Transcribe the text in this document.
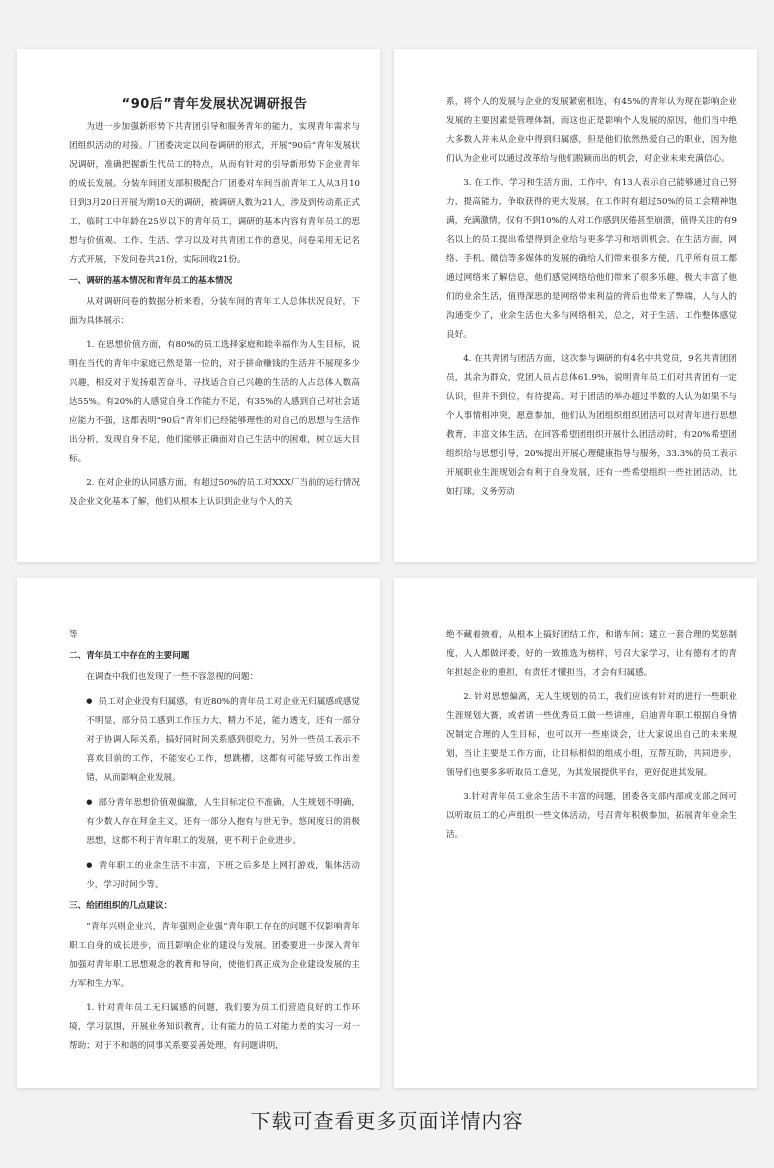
“90后”青年发展状况调研报告

为进一步加强新形势下共青团引导和服务青年的能力，实现青年需求与团组织活动的对接。厂团委决定以问卷调研的形式，开展“90后”青年发展状况调研，准确把握新生代员工的特点，从而有针对的引导新形势下企业青年的成长发展。分装车间团支部积极配合厂团委对车间当前青年工人从3月10日到3月20日开展为期10天的调研，被调研人数为21人，涉及到传动系正式工、临时工中年龄在25岁以下的青年员工，调研的基本内容有青年员工的思想与价值观、工作、生活、学习以及对共青团工作的意见，问卷采用无记名方式开展，下发问卷共21份，实际回收21份。

一、调研的基本情况和青年员工的基本情况

从对调研问卷的数据分析来看，分装车间的青年工人总体状况良好，下面为具体展示：

1. 在思想价值方面，有80%的员工选择家庭和睦幸福作为人生目标，说明在当代的青年中家庭已然是第一位的，对于拼命赚钱的生活并不展现多少兴趣，相反对于发扬艰苦奋斗，寻找适合自己兴趣的生活的人占总体人数高达55%。有20%的人感觉自身工作能力不足，有35%的人感到自己对社会适应能力不强，这都表明“90后”青年们已经能够理性的对自己的思想与生活作出分析，发现自身不足，他们能够正确面对自己生活中的困难，树立远大目标。

2. 在对企业的认同感方面，有超过50%的员工对XXX厂当前的运行情况及企业文化基本了解，他们从根本上认识到企业与个人的关

系，将个人的发展与企业的发展紧密相连，有45%的青年认为现在影响企业发展的主要因素是管理体制，而这也正是影响个人发展的原因，他们当中绝大多数人并未从企业中得到归属感，但是他们依然热爱自己的职业，因为他们认为企业可以通过改革给与他们脱颖而出的机会，对企业未来充满信心。

3. 在工作、学习和生活方面，工作中，有13人表示自己能够通过自己努力，提高能力，争取获得的更大发展，在工作时有超过50%的员工会精神饱满，充满激情，仅有不到10%的人对工作感到厌倦甚至崩溃，值得关注的有9名以上的员工提出希望得到企业给与更多学习和培训机会。在生活方面，网络、手机、微信等多媒体的发展的确给人们带来很多方便，几乎所有员工都通过网络来了解信息，他们感觉网络给他们带来了很多乐趣，极大丰富了他们的业余生活，值得深思的是网络带来利益的背后也带来了弊端，人与人的沟通变少了，业余生活也大多与网络相关，总之，对于生活、工作整体感觉良好。

4. 在共青团与团活方面，这次参与调研的有4名中共党员，9名共青团团员，其余为群众，党团人员占总体61.9%，说明青年员工们对共青团有一定认识，但并不到位，有待提高。对于团活的举办超过半数的人认为如果不与个人事情相冲突，愿意参加，他们认为团组织组织团活可以对青年进行思想教育，丰富文体生活，在回答希望团组织开展什么团活动时，有20%希望团组织给与思想引导，20%提出开展心理健康指导与服务，33.3%的员工表示开展职业生涯规划会有利于自身发展，还有一些希望组织一些社团活动，比如打球，义务劳动

等

二、青年员工中存在的主要问题

在调查中我们也发现了一些不容忽视的问题：

● 员工对企业没有归属感，有近80%的青年员工对企业无归属感或感觉不明显，部分员工感到工作压力大，精力不足，能力透支，还有一部分对于协调人际关系，搞好同时间关系感到很吃力，另外一些员工表示不喜欢目前的工作，不能安心工作，想跳槽，这都有可能导致工作出差错，从而影响企业发展。

● 部分青年思想价值观偏激，人生目标定位不准确，人生规划不明确，有少数人存在拜金主义，还有一部分人抱有与世无争，悠闲度日的消极思想，这都不利于青年职工的发展，更不利于企业进步。

● 青年职工的业余生活不丰富，下班之后多是上网打游戏，集体活动少，学习时间少等。

三、给团组织的几点建议：

“青年兴则企业兴，青年强则企业强”青年职工存在的问题不仅影响青年职工自身的成长进步，而且影响企业的建设与发展。团委要进一步深入青年加强对青年职工思想观念的教育和导向，使他们真正成为企业建设发展的主力军和生力军。

1. 针对青年员工无归属感的问题，我们要为员工们营造良好的工作环境，学习氛围，开展业务知识教育，让有能力的员工对能力差的实习一对一帮助；对于不和谐的同事关系要妥善处理，有问题讲明，

绝不藏着掖着，从根本上搞好团结工作，和谐车间；建立一套合理的奖惩制度，人人都做评委，好的一致推选为榜样，号召大家学习，让有德有才的青年担起企业的重担，有责任才懂担当，才会有归属感。

2. 针对思想偏离，无人生规划的员工，我们应该有针对的进行一些职业生涯规划大赛，或者请一些优秀员工做一些讲座，启迪青年职工根据自身情况制定合理的人生目标，也可以开一些座谈会，让大家说出自己的未来规划，当让主要是工作方面，让目标相似的组成小组，互帮互助，共同进步，领导们也要多多听取员工意见，为其发展提供平台，更好促进其发展。

3.针对青年员工业余生活不丰富的问题，团委各支部内部或支部之间可以听取员工的心声组织一些文体活动，号召青年积极参加，拓展青年业余生活。

下载可查看更多页面详情内容
